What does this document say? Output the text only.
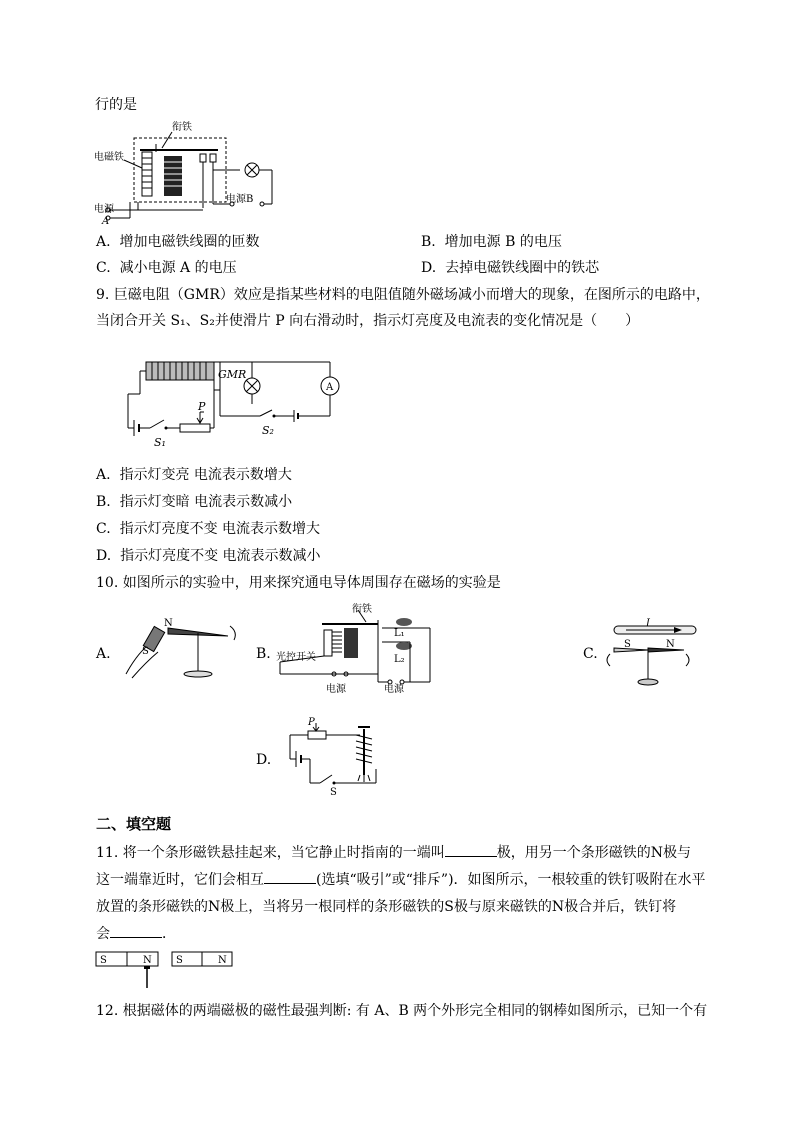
行的是
衔铁
电磁铁
电源
A
电源B
A. 增加电磁铁线圈的匝数	B. 增加电源 B 的电压
C. 减小电源 A 的电压	D. 去掉电磁铁线圈中的铁芯
9. 巨磁电阻（GMR）效应是指某些材料的电阻值随外磁场减小而增大的现象，在图所示的电路中，
当闭合开关 S₁、S₂并使滑片 P 向右滑动时，指示灯亮度及电流表的变化情况是（　　）
GMR
P
S₁
S₂
A
A. 指示灯变亮 电流表示数增大
B. 指示灯变暗 电流表示数减小
C. 指示灯亮度不变 电流表示数增大
D. 指示灯亮度不变 电流表示数减小
10. 如图所示的实验中，用来探究通电导体周围存在磁场的实验是
A.
N
S	B.
衔铁
光控开关
L₁
L₂
电源	电源
C.
I
S	N
D.
P
S
二、填空题
11. 将一个条形磁铁悬挂起来，当它静止时指南的一端叫	极，用另一个条形磁铁的N极与
这一端靠近时，它们会相互	(选填“吸引”或“排斥”)．如图所示，一根较重的铁钉吸附在水平
放置的条形磁铁的N极上，当将另一根同样的条形磁铁的S极与原来磁铁的N极合并后，铁钉将
会	．
S	N S	N
12. 根据磁体的两端磁极的磁性最强判断: 有 A、B 两个外形完全相同的钢棒如图所示，已知一个有
